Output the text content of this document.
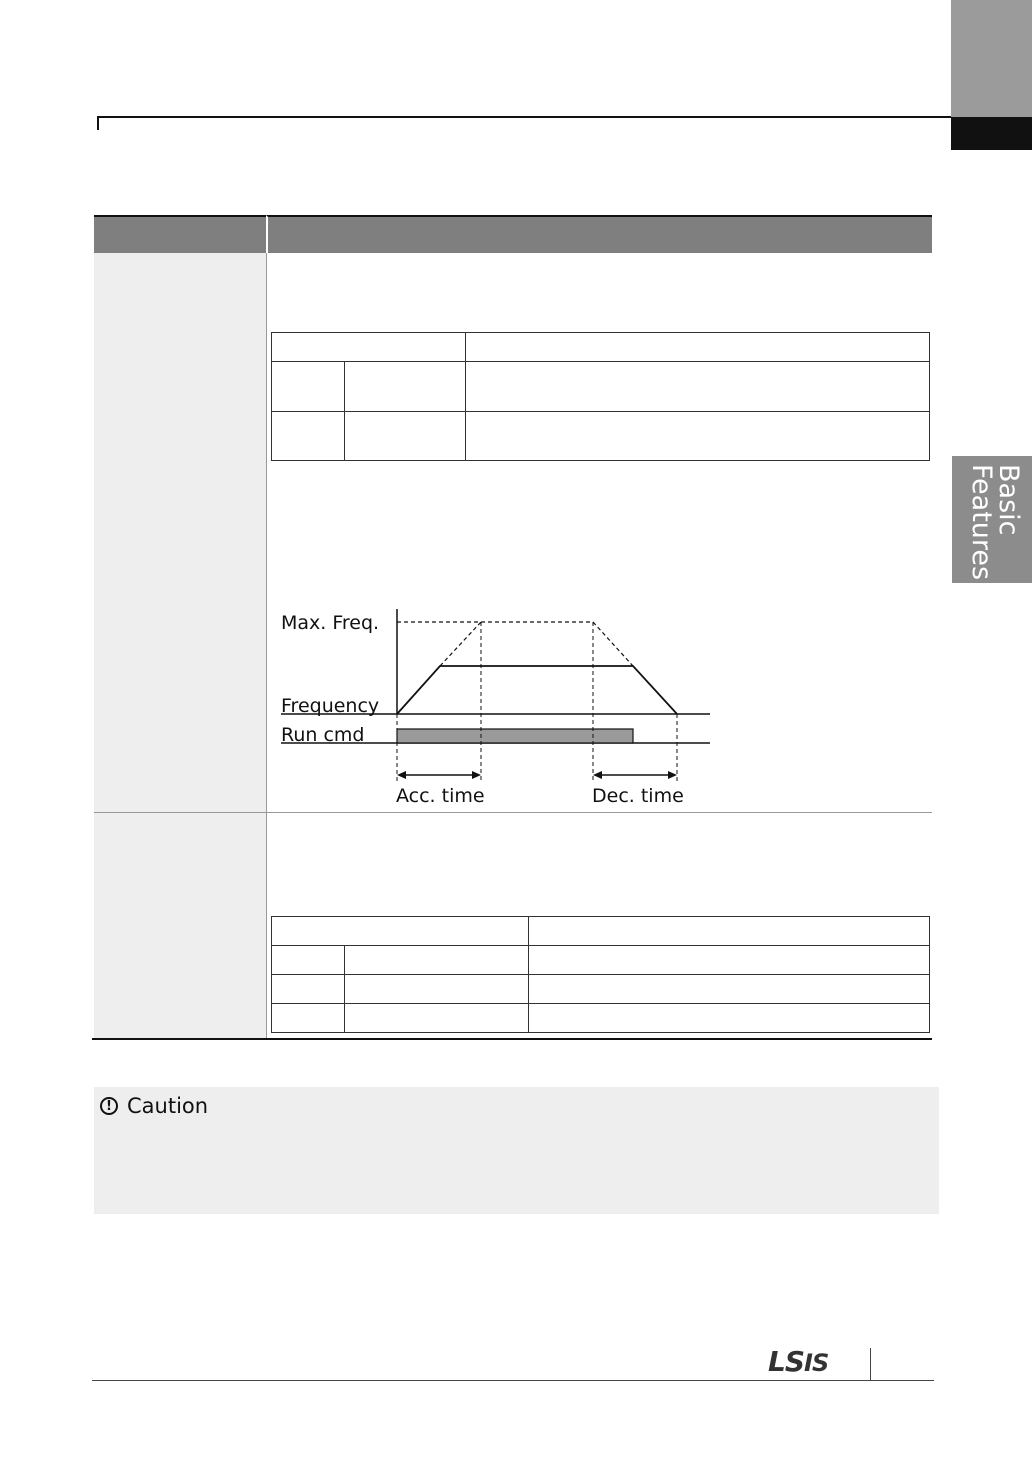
Basic
Features

Max. Freq.
Frequency
Run cmd
Acc. time	Dec. time

! Caution
LSIS
